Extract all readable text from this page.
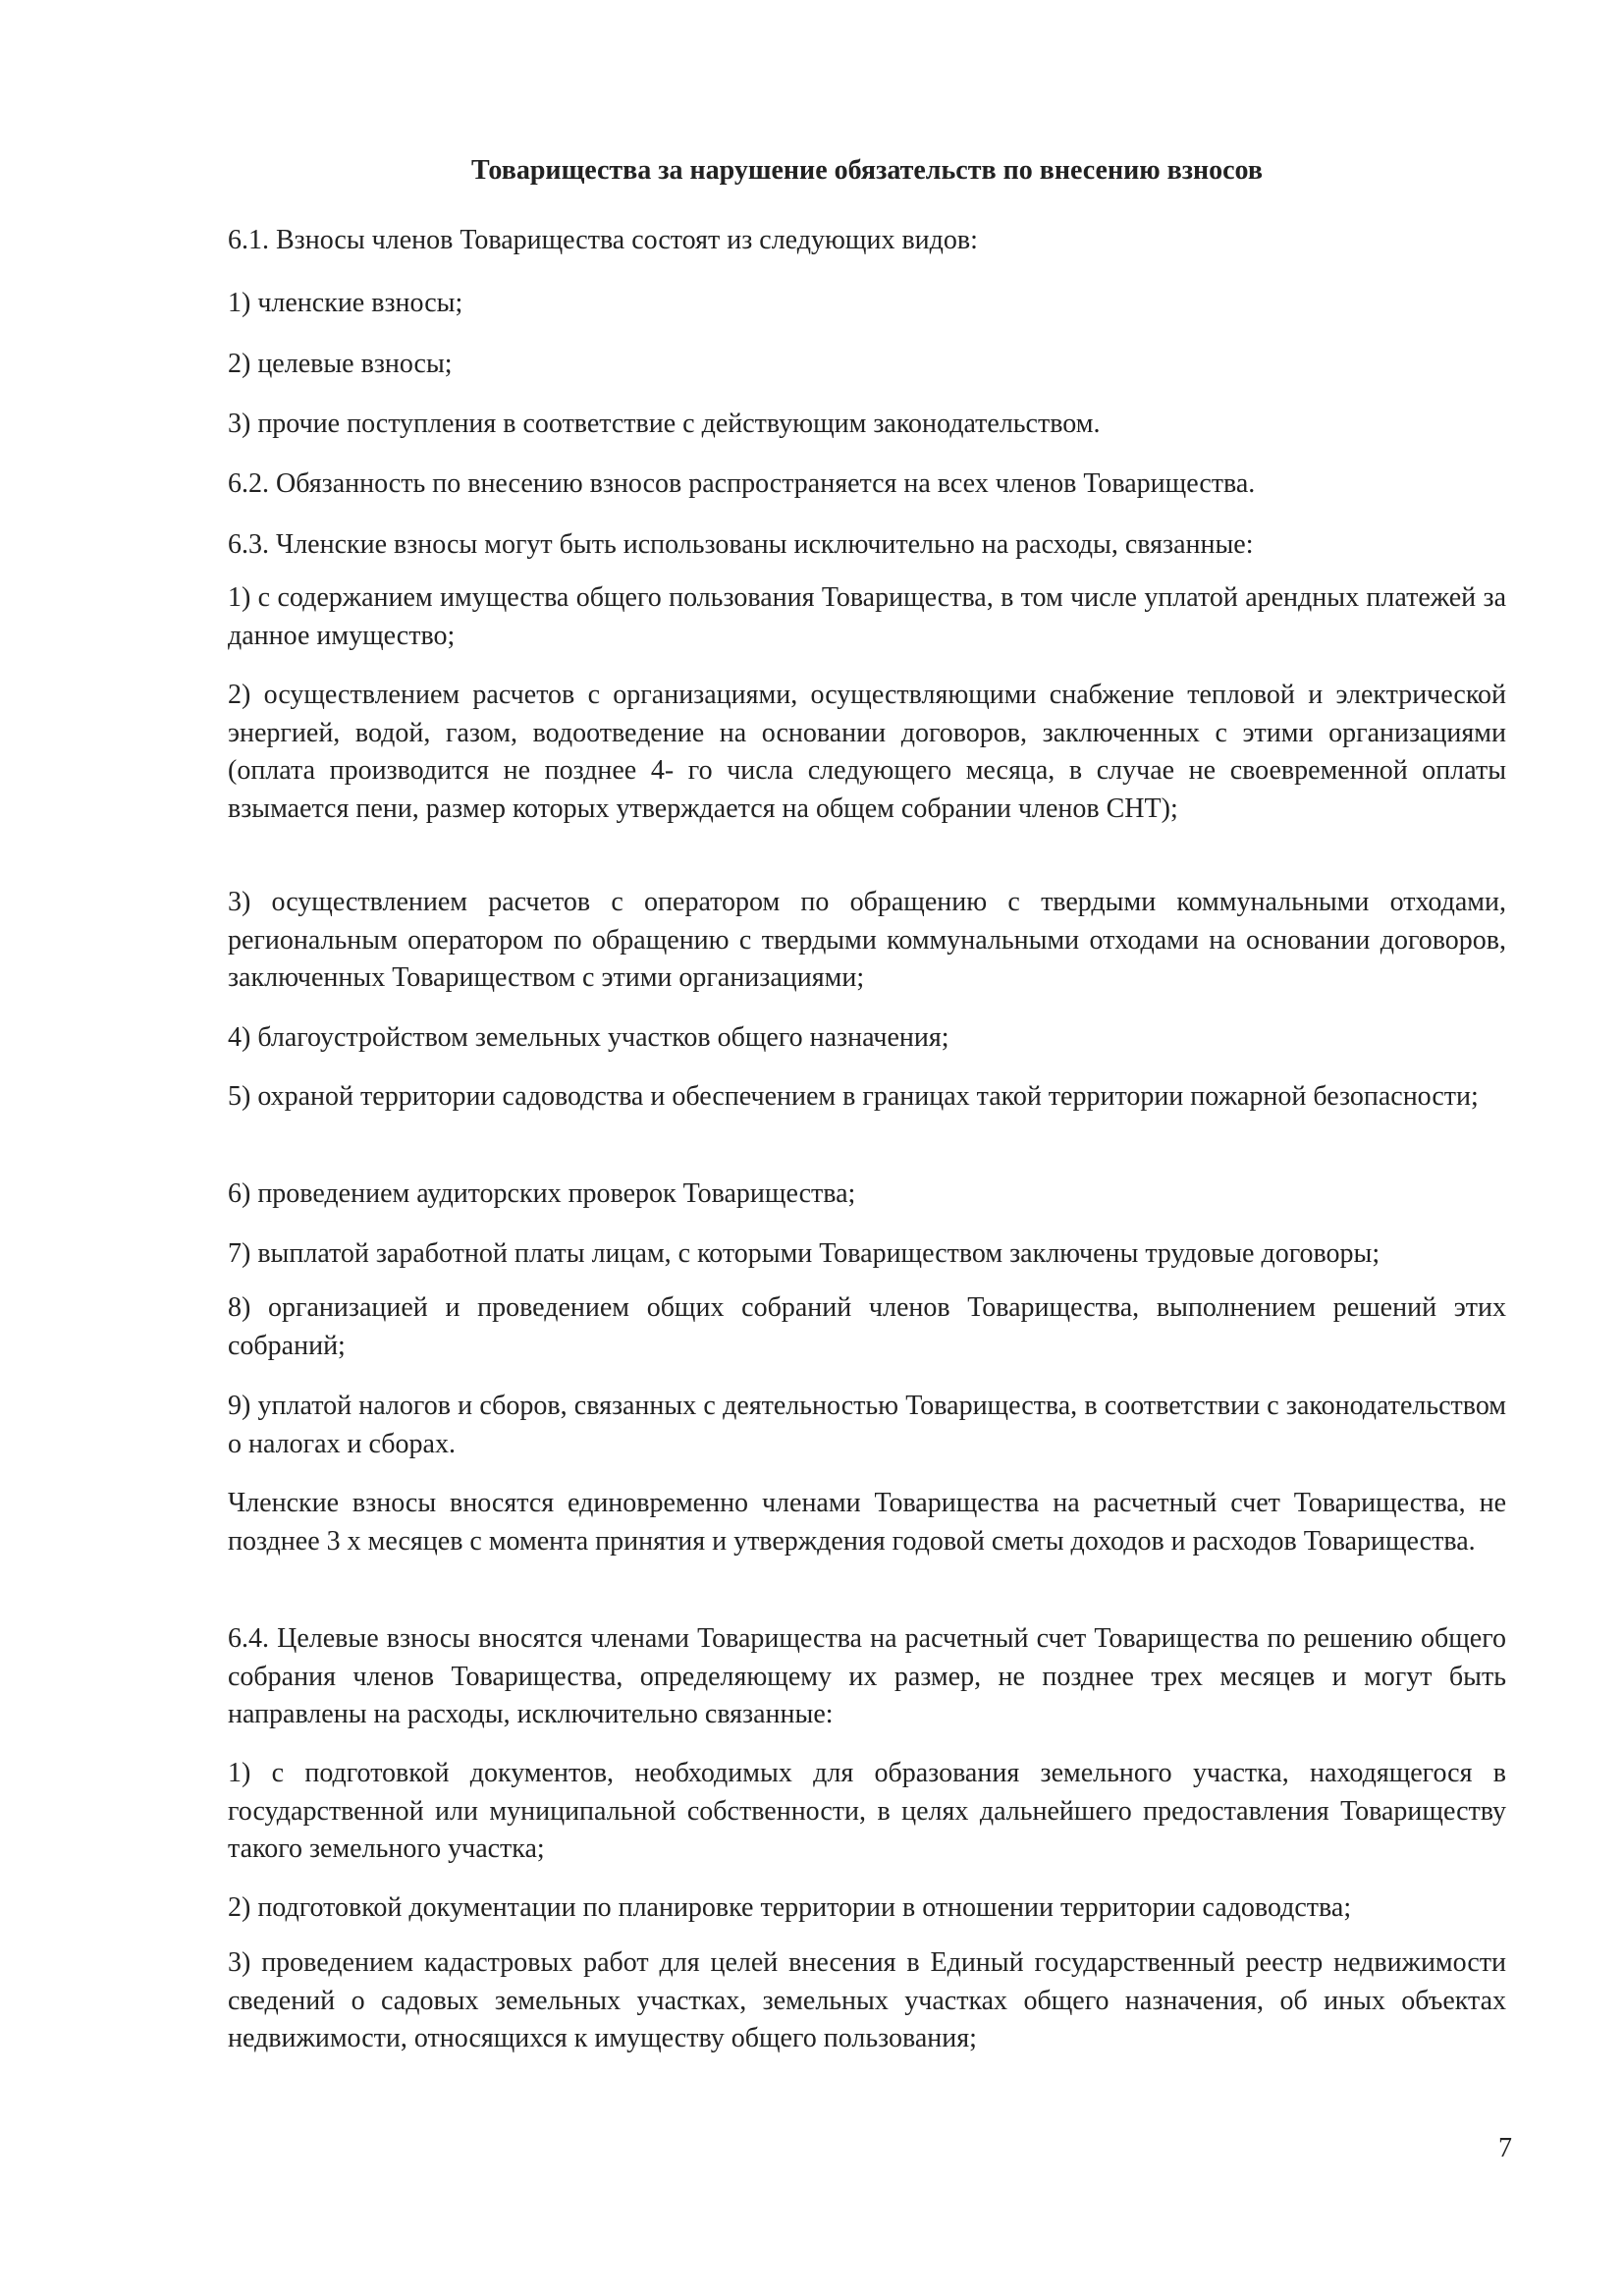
Товарищества за нарушение обязательств по внесению взносов

6.1. Взносы членов Товарищества состоят из следующих видов:

1) членские взносы;

2) целевые взносы;

3) прочие поступления в соответствие с действующим законодательством.

6.2. Обязанность по внесению взносов распространяется на всех членов Товарищества.

6.3. Членские взносы могут быть использованы исключительно на расходы, связанные:

1) с содержанием имущества общего пользования Товарищества, в том числе уплатой арендных платежей за данное имущество;

2) осуществлением расчетов с организациями, осуществляющими снабжение тепловой и электрической энергией, водой, газом, водоотведение на основании договоров, заключенных с этими организациями (оплата производится не позднее 4- го числа следующего месяца, в случае не своевременной оплаты взымается пени, размер которых утверждается на общем собрании членов СНТ);

3) осуществлением расчетов с оператором по обращению с твердыми коммунальными отходами, региональным оператором по обращению с твердыми коммунальными отходами на основании договоров, заключенных Товариществом с этими организациями;

4) благоустройством земельных участков общего назначения;

5) охраной территории садоводства и обеспечением в границах такой территории пожарной безопасности;

6) проведением аудиторских проверок Товарищества;

7) выплатой заработной платы лицам, с которыми Товариществом заключены трудовые договоры;

8) организацией и проведением общих собраний членов Товарищества, выполнением решений этих собраний;

9) уплатой налогов и сборов, связанных с деятельностью Товарищества, в соответствии с законодательством о налогах и сборах.

Членские взносы вносятся единовременно членами Товарищества на расчетный счет Товарищества, не позднее 3 х месяцев с момента принятия и утверждения годовой сметы доходов и расходов Товарищества.

6.4. Целевые взносы вносятся членами Товарищества на расчетный счет Товарищества по решению общего собрания членов Товарищества, определяющему их размер, не позднее трех месяцев и могут быть направлены на расходы, исключительно связанные:

1) с подготовкой документов, необходимых для образования земельного участка, находящегося в государственной или муниципальной собственности, в целях дальнейшего предоставления Товариществу такого земельного участка;

2) подготовкой документации по планировке территории в отношении территории садоводства;

3) проведением кадастровых работ для целей внесения в Единый государственный реестр недвижимости сведений о садовых земельных участках, земельных участках общего назначения, об иных объектах недвижимости, относящихся к имуществу общего пользования;

7
